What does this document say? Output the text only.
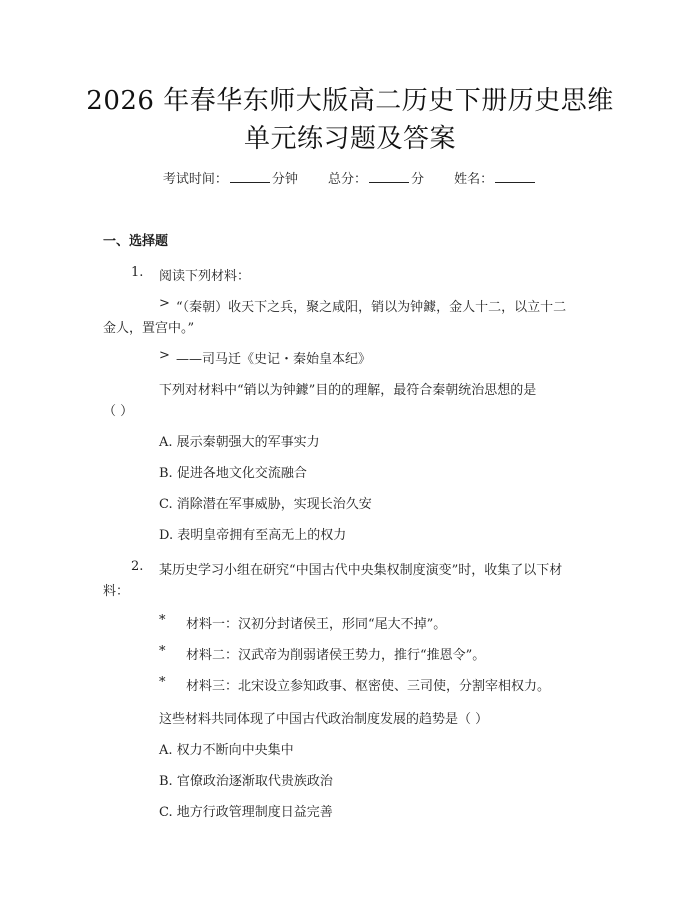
2026 年春华东师大版高二历史下册历史思维
单元练习题及答案
考试时间：	分钟 总分：	分 姓名：
一、选择题
1. 阅读下列材料：
> “（秦朝）收天下之兵，聚之咸阳，销以为钟鐻，金人十二，以立十二
金人，置宫中。”
> ——司马迁《史记・秦始皇本纪》
下列对材料中“销以为钟鐻”目的的理解，最符合秦朝统治思想的是
（ ）
A. 展示秦朝强大的军事实力
B. 促进各地文化交流融合
C. 消除潜在军事威胁，实现长治久安
D. 表明皇帝拥有至高无上的权力
2. 某历史学习小组在研究“中国古代中央集权制度演变”时，收集了以下材
料：
* 材料一：汉初分封诸侯王，形同“尾大不掉”。
* 材料二：汉武帝为削弱诸侯王势力，推行“推恩令”。
* 材料三：北宋设立参知政事、枢密使、三司使，分割宰相权力。
这些材料共同体现了中国古代政治制度发展的趋势是（ ）
A. 权力不断向中央集中
B. 官僚政治逐渐取代贵族政治
C. 地方行政管理制度日益完善
